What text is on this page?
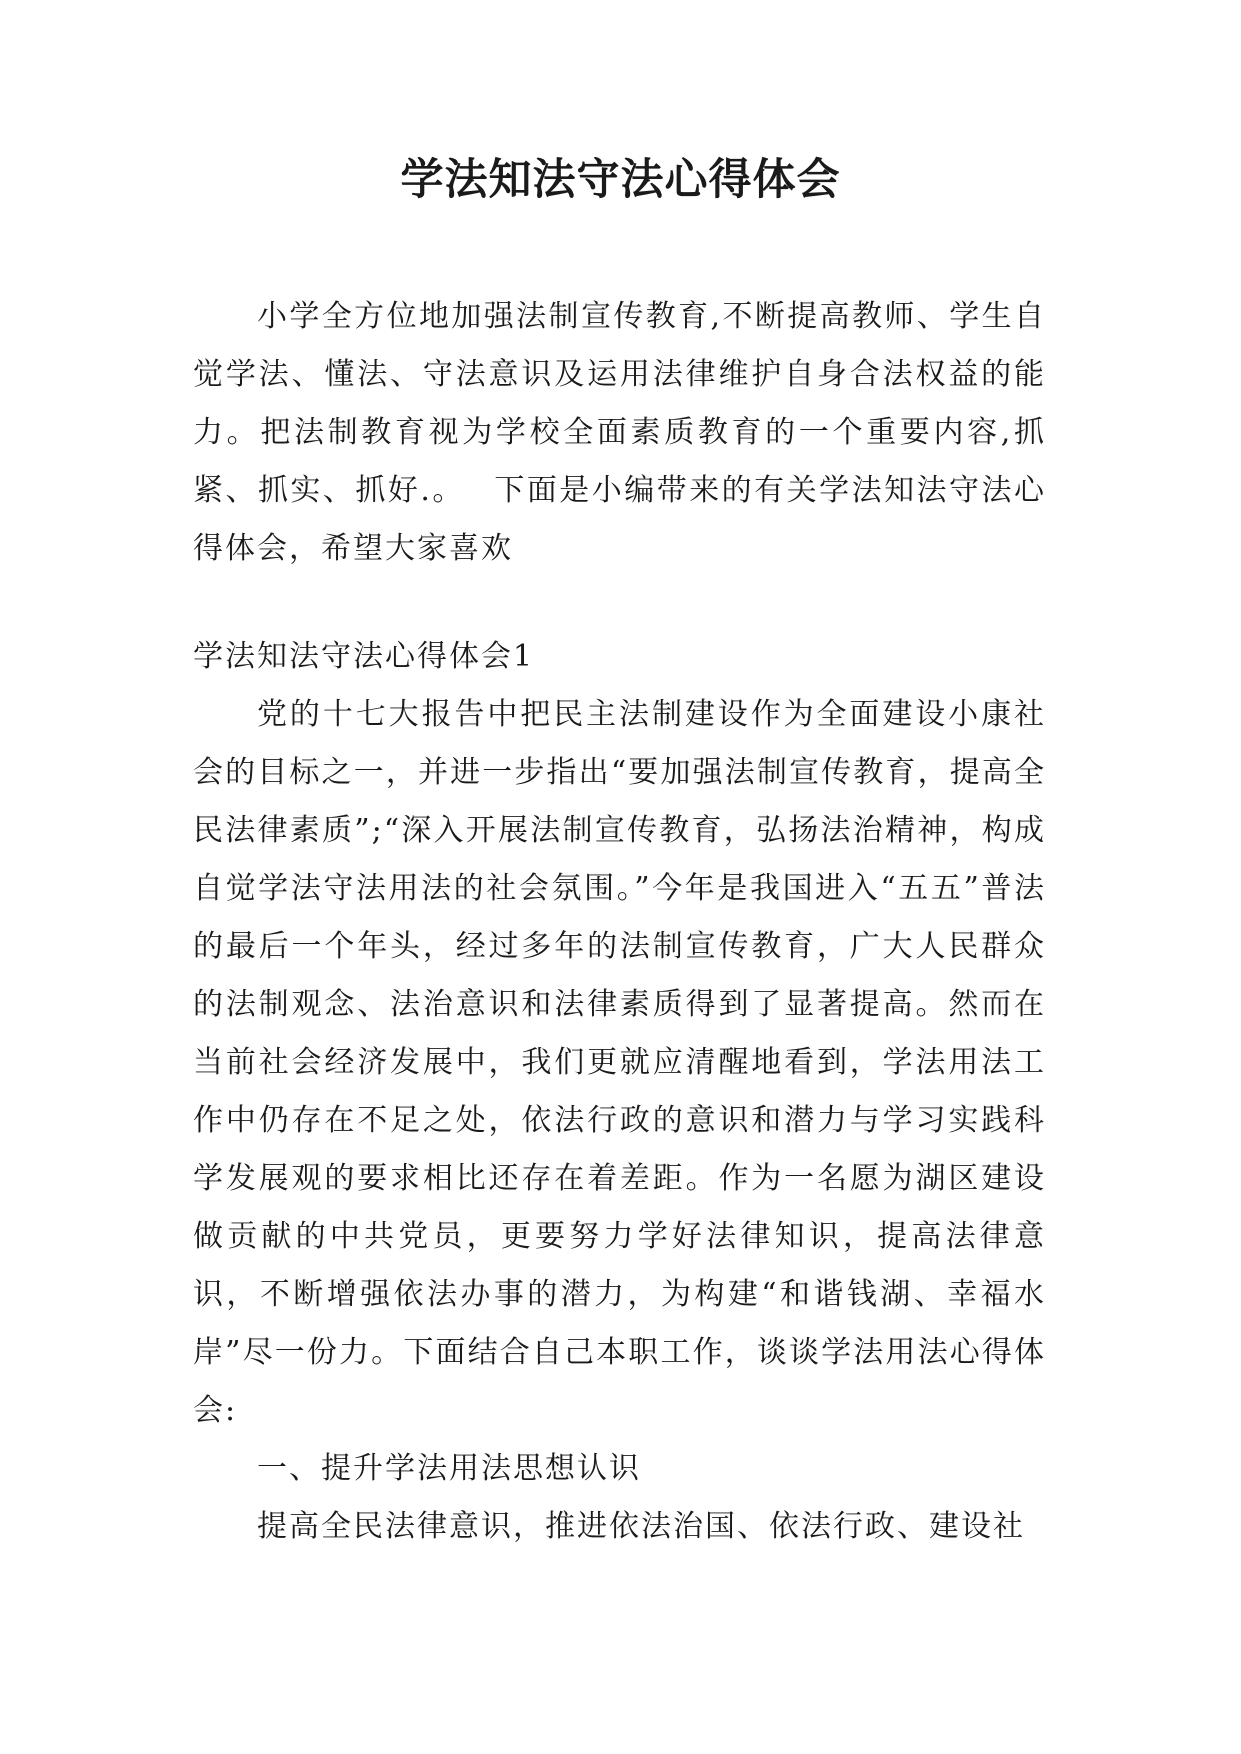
学法知法守法心得体会

小学全方位地加强法制宣传教育,不断提高教师、学生自觉学法、懂法、守法意识及运用法律维护自身合法权益的能力。把法制教育视为学校全面素质教育的一个重要内容,抓紧、抓实、抓好.。　 下面是小编带来的有关学法知法守法心得体会，希望大家喜欢

学法知法守法心得体会1

党的十七大报告中把民主法制建设作为全面建设小康社会的目标之一，并进一步指出“要加强法制宣传教育，提高全民法律素质”;“深入开展法制宣传教育，弘扬法治精神，构成自觉学法守法用法的社会氛围。”今年是我国进入“五五”普法的最后一个年头，经过多年的法制宣传教育，广大人民群众的法制观念、法治意识和法律素质得到了显著提高。然而在当前社会经济发展中，我们更就应清醒地看到，学法用法工作中仍存在不足之处，依法行政的意识和潜力与学习实践科学发展观的要求相比还存在着差距。作为一名愿为湖区建设做贡献的中共党员，更要努力学好法律知识，提高法律意识，不断增强依法办事的潜力，为构建“和谐钱湖、幸福水岸”尽一份力。下面结合自己本职工作，谈谈学法用法心得体会:

一、提升学法用法思想认识

提高全民法律意识，推进依法治国、依法行政、建设社
